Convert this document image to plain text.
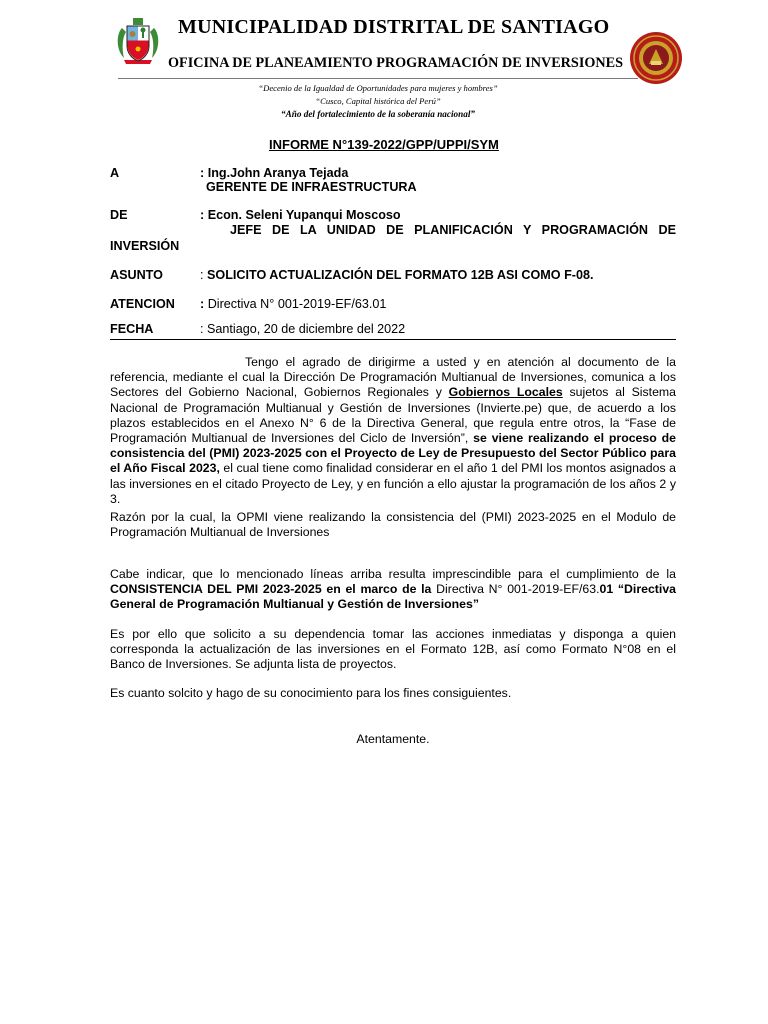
MUNICIPALIDAD DISTRITAL DE SANTIAGO
OFICINA DE PLANEAMIENTO PROGRAMACIÓN DE INVERSIONES
“Decenio de la Igualdad de Oportunidades para mujeres y hombres”
“Cusco, Capital histórica del Perú”
“Año del fortalecimiento de la soberanía nacional”
INFORME N°139-2022/GPP/UPPI/SYM
A	: Ing.John Aranya Tejada
GERENTE DE INFRAESTRUCTURA
DE	: Econ. Seleni Yupanqui Moscoso
JEFE DE LA UNIDAD DE PLANIFICACIÓN Y PROGRAMACIÓN DE
INVERSIÓN
ASUNTO	: SOLICITO ACTUALIZACIÓN DEL FORMATO 12B ASI COMO F-08.
ATENCION : Directiva N° 001-2019-EF/63.01
FECHA	: Santiago, 20 de diciembre del 2022
Tengo el agrado de dirigirme a usted y en atención al documento de la referencia, mediante el cual la Dirección De Programación Multianual de Inversiones, comunica a los Sectores del Gobierno Nacional, Gobiernos Regionales y Gobiernos Locales sujetos al Sistema Nacional de Programación Multianual y Gestión de Inversiones (Invierte.pe) que, de acuerdo a los plazos establecidos en el Anexo N° 6 de la Directiva General, que regula entre otros, la “Fase de Programación Multianual de Inversiones del Ciclo de Inversión”, se viene realizando el proceso de consistencia del (PMI) 2023-2025 con el Proyecto de Ley de Presupuesto del Sector Público para el Año Fiscal 2023, el cual tiene como finalidad considerar en el año 1 del PMI los montos asignados a las inversiones en el citado Proyecto de Ley, y en función a ello ajustar la programación de los años 2 y 3.
Razón por la cual, la OPMI viene realizando la consistencia del (PMI) 2023-2025 en el Modulo de Programación Multianual de Inversiones
Cabe indicar, que lo mencionado líneas arriba resulta imprescindible para el cumplimiento de la CONSISTENCIA DEL PMI 2023-2025 en el marco de la Directiva N° 001-2019-EF/63.01 “Directiva General de Programación Multianual y Gestión de Inversiones”
Es por ello que solicito a su dependencia tomar las acciones inmediatas y disponga a quien corresponda la actualización de las inversiones en el Formato 12B, así como Formato N°08 en el Banco de Inversiones. Se adjunta lista de proyectos.
Es cuanto solcito y hago de su conocimiento para los fines consiguientes.
Atentamente.
